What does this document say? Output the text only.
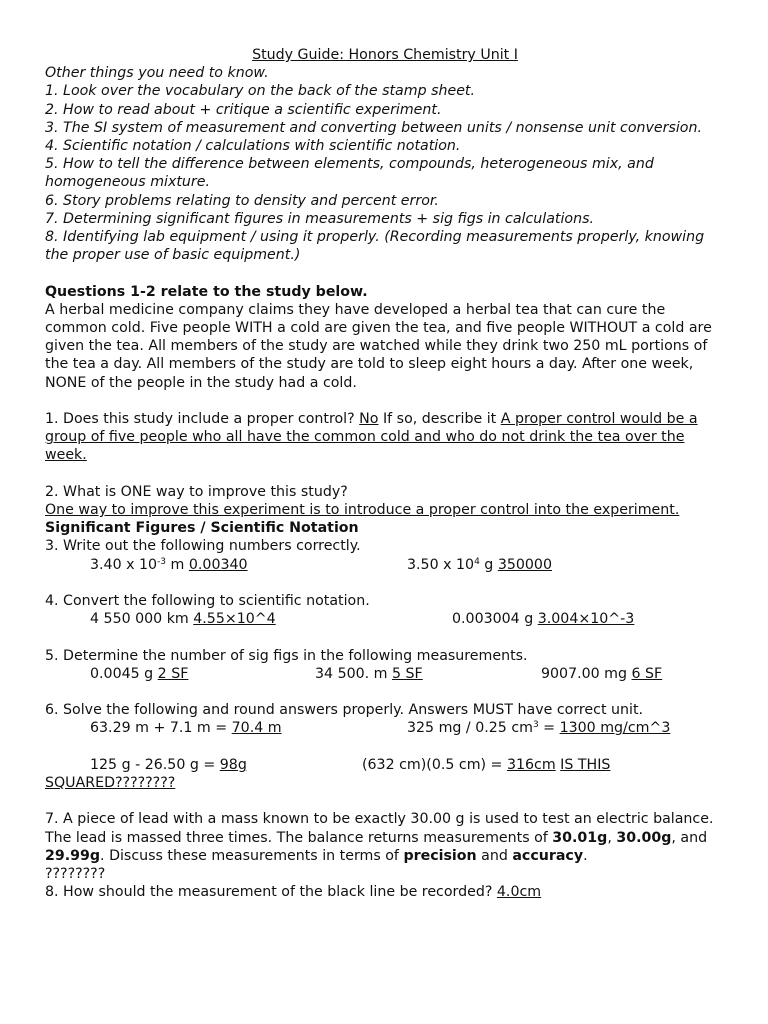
Study Guide: Honors Chemistry Unit I
Other things you need to know.
1. Look over the vocabulary on the back of the stamp sheet.
2. How to read about + critique a scientific experiment.
3. The SI system of measurement and converting between units / nonsense unit conversion.
4. Scientific notation / calculations with scientific notation.
5. How to tell the difference between elements, compounds, heterogeneous mix, and homogeneous mixture.
6. Story problems relating to density and percent error.
7. Determining significant figures in measurements + sig figs in calculations.
8. Identifying lab equipment / using it properly. (Recording measurements properly, knowing the proper use of basic equipment.)
Questions 1-2 relate to the study below.
A herbal medicine company claims they have developed a herbal tea that can cure the common cold. Five people WITH a cold are given the tea, and five people WITHOUT a cold are given the tea. All members of the study are watched while they drink two 250 mL portions of the tea a day. All members of the study are told to sleep eight hours a day. After one week, NONE of the people in the study had a cold.
1. Does this study include a proper control? No If so, describe it A proper control would be a group of five people who all have the common cold and who do not drink the tea over the week.
2. What is ONE way to improve this study?
One way to improve this experiment is to introduce a proper control into the experiment.
Significant Figures / Scientific Notation
3. Write out the following numbers correctly.
3.40 x $10^{-3}$ m 0.00340	3.50 x $10^4$ g 350000
4. Convert the following to scientific notation.
4 550 000 km 4.55×10^4	0.003004 g 3.004×10^-3
5. Determine the number of sig figs in the following measurements.
0.0045 g 2 SF	34 500. m 5 SF	9007.00 mg 6 SF
6. Solve the following and round answers properly. Answers MUST have correct unit.
63.29 m + 7.1 m = 70.4 m	325 mg / 0.25 $cm^3 = 1300$ mg/cm^3
125 g - 26.50 g = 98g	(632 cm)(0.5 cm) = 316cm IS THIS
SQUARED????????
7. A piece of lead with a mass known to be exactly 30.00 g is used to test an electric balance. The lead is massed three times. The balance returns measurements of 30.01g, 30.00g, and 29.99g. Discuss these measurements in terms of precision and accuracy.
????????
8. How should the measurement of the black line be recorded? 4.0cm
